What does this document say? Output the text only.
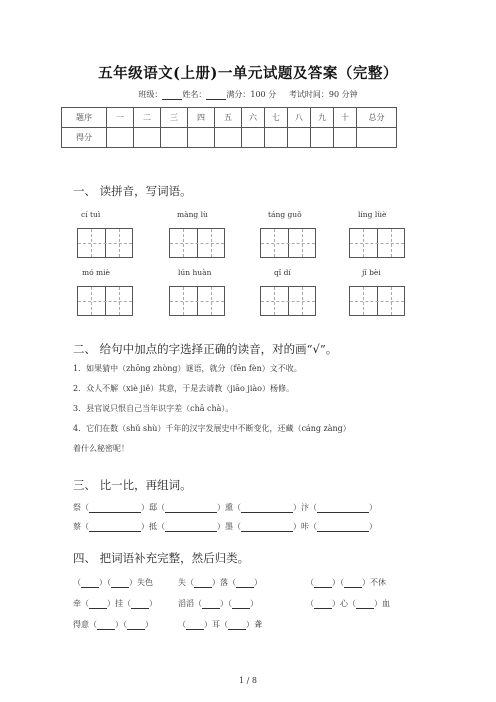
五年级语文(上册)一单元试题及答案（完整）
班级：	姓名：	满分：100 分 考试时间：90 分钟
题序	一	二	三	四	五	六	七	八	九	十	总分
得分											
一、 读拼音，写词语。
cí tuì	màng lù	táng guǒ	líng lüè
mó miè	lún huàn	qǐ dí	jǐ bèi
二、 给句中加点的字选择正确的读音，对的画“√”。
1．如果猜中（zhōng zhòng）谜语，就分（fēn fèn）文不收。
2．众人不解（xiè jiě）其意，于是去请教（jiāo jiào）杨修。
3．县官说只恨自己当年识字差（chā chà）。
4．它们在数（shǔ shù）千年的汉字发展史中不断变化，还藏（cáng zàng）
着什么秘密呢！
三、 比一比，再组词。
祭（	）邸（	）熏（	）汴（	）
蔡（	）抵（	）墨（	）咔（	）
四、 把词语补充完整，然后归类。
（ ）（ ）失色	失（ ）落（ ）	（ ）（ ）不休
牵（ ）挂（ ）	滔滔（ ）（ ）	（ ）心（ ）血
得意（ ）（ ）	（ ）耳（ ）聋
1 / 8
